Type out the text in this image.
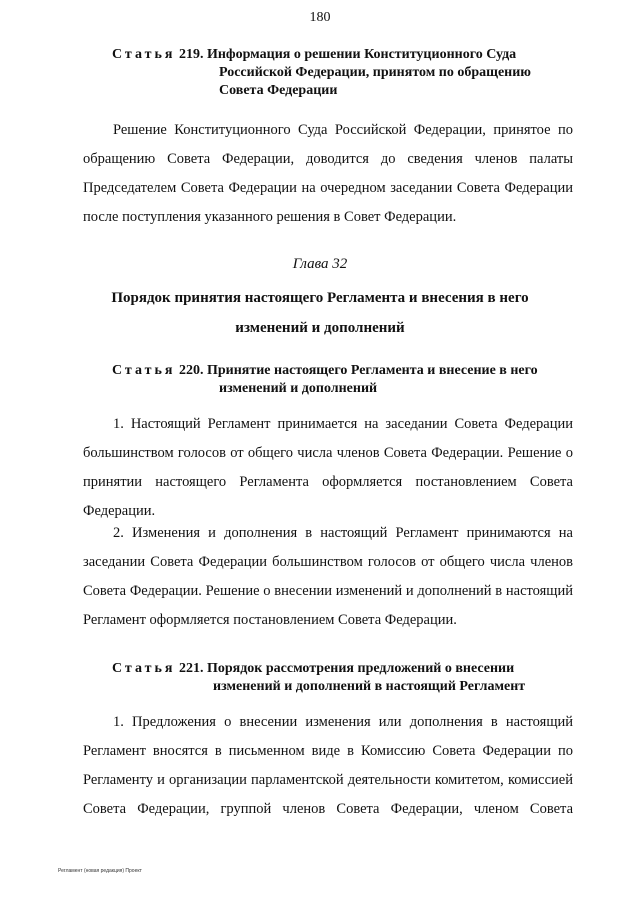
180
Статья 219. Информация о решении Конституционного Суда
Российской Федерации, принятом по обращению
Совета Федерации
Решение Конституционного Суда Российской Федерации, принятое по
обращению Совета Федерации, доводится до сведения членов палаты
Председателем Совета Федерации на очередном заседании Совета Федерации
после поступления указанного решения в Совет Федерации.
Глава 32
Порядок принятия настоящего Регламента и внесения в него
изменений и дополнений
Статья 220. Принятие настоящего Регламента и внесение в него
изменений и дополнений
1. Настоящий Регламент принимается на заседании Совета Федерации
большинством голосов от общего числа членов Совета Федерации. Решение о
принятии настоящего Регламента оформляется постановлением Совета
Федерации.
2. Изменения и дополнения в настоящий Регламент принимаются на
заседании Совета Федерации большинством голосов от общего числа членов
Совета Федерации. Решение о внесении изменений и дополнений в настоящий
Регламент оформляется постановлением Совета Федерации.
Статья 221. Порядок рассмотрения предложений о внесении
изменений и дополнений в настоящий Регламент
1. Предложения о внесении изменения или дополнения в настоящий
Регламент вносятся в письменном виде в Комиссию Совета Федерации по
Регламенту и организации парламентской деятельности комитетом, комиссией
Совета Федерации, группой членов Совета Федерации, членом Совета
Регламент (новая редакция) Проект
